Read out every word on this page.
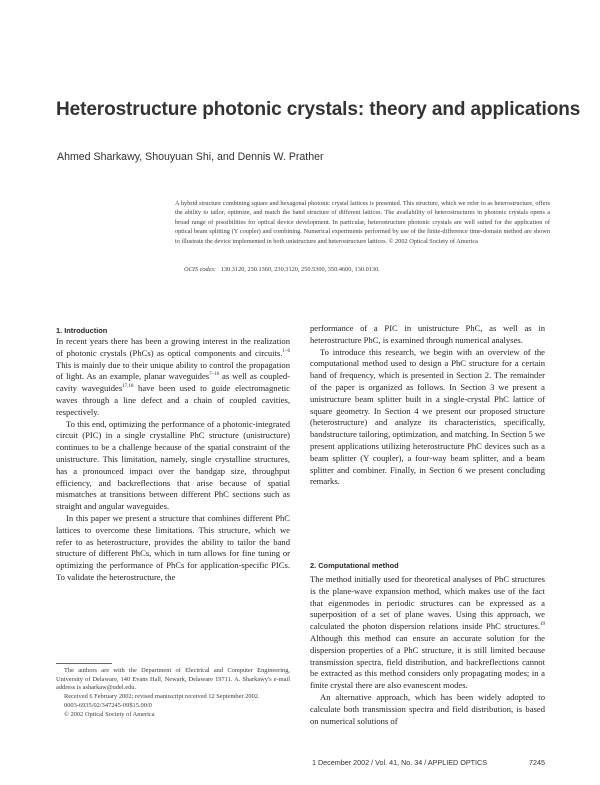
Heterostructure photonic crystals: theory and applications
Ahmed Sharkawy, Shouyuan Shi, and Dennis W. Prather

A hybrid structure combining square and hexagonal photonic crystal lattices is presented. This structure, which we refer to as heterostructure, offers the ability to tailor, optimize, and match the band structure of different lattices. The availability of heterostructures in photonic crystals opens a broad range of possibilities for optical device development. In particular, heterostructure photonic crystals are well suited for the application of optical beam splitting (Y coupler) and combining. Numerical experiments performed by use of the finite-difference time-domain method are shown to illustrate the device implemented in both unistructure and heterostructure lattices. © 2002 Optical Society of America

OCIS codes: 130.3120, 230.1360, 230.3120, 250.5300, 350.4600, 130.0130.
1. Introduction

In recent years there has been a growing interest in the realization of photonic crystals (PhCs) as optical components and circuits.$^{1-6}$ This is mainly due to their unique ability to control the propagation of light. As an example, planar waveguides$^{7-16}$ as well as coupled-cavity waveguides$^{17,18}$ have been used to guide electromagnetic waves through a line defect and a chain of coupled cavities, respectively.

To this end, optimizing the performance of a photonic-integrated circuit (PIC) in a single crystalline PhC structure (unistructure) continues to be a challenge because of the spatial constraint of the unistructure. This limitation, namely, single crystalline structures, has a pronounced impact over the bandgap size, throughput efficiency, and backreflections that arise because of spatial mismatches at transitions between different PhC sections such as straight and angular waveguides.

In this paper we present a structure that combines different PhC lattices to overcome these limitations. This structure, which we refer to as heterostructure, provides the ability to tailor the band structure of different PhCs, which in turn allows for fine tuning or optimizing the performance of PhCs for application-specific PICs. To validate the heterostructure, the

performance of a PIC in unistructure PhC, as well as in heterostructure PhC, is examined through numerical analyses.

To introduce this research, we begin with an overview of the computational method used to design a PhC structure for a certain band of frequency, which is presented in Section 2. The remainder of the paper is organized as follows. In Section 3 we present a unistructure beam splitter built in a single-crystal PhC lattice of square geometry. In Section 4 we present our proposed structure (heterostructure) and analyze its characteristics, specifically, bandstructure tailoring, optimization, and matching. In Section 5 we present applications utilizing heterostructure PhC devices such as a beam splitter (Y coupler), a four-way beam splitter, and a beam splitter and combiner. Finally, in Section 6 we present concluding remarks.

2. Computational method

The method initially used for theoretical analyses of PhC structures is the plane-wave expansion method, which makes use of the fact that eigenmodes in periodic structures can be expressed as a superposition of a set of plane waves. Using this approach, we calculated the photon dispersion relations inside PhC structures.$^{19}$ Although this method can ensure an accurate solution for the dispersion properties of a PhC structure, it is still limited because transmission spectra, field distribution, and backreflections cannot be extracted as this method considers only propagating modes; in a finite crystal there are also evanescent modes.

An alternative approach, which has been widely adopted to calculate both transmission spectra and field distribution, is based on numerical solutions of

The authors are with the Department of Electrical and Computer Engineering, University of Delaware, 140 Evans Hall, Newark, Delaware 19711. A. Sharkawy's e-mail address is asharkaw@udel.edu.

Received 6 February 2002; revised manuscript received 12 September 2002.

0003-6935/02/347245-09$15.00/0

© 2002 Optical Society of America

1 December 2002 / Vol. 41, No. 34 / APPLIED OPTICS	7245
